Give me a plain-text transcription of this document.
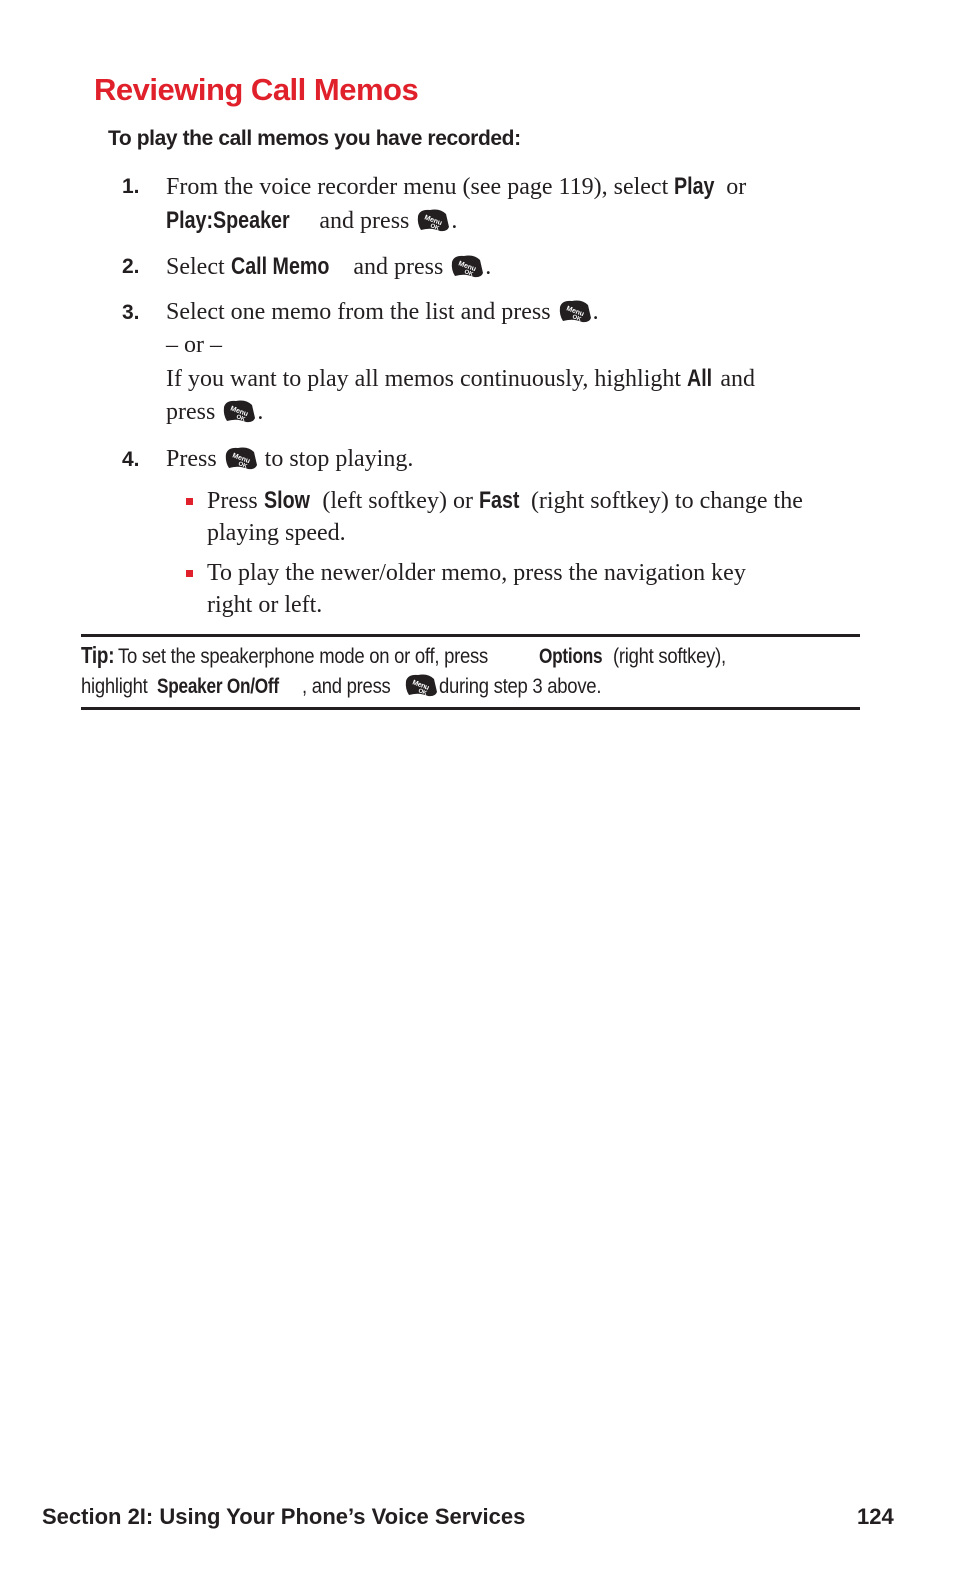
Reviewing Call Memos
To play the call memos you have recorded:
1. From the voice recorder menu (see page 119), select Play or
Play:Speaker and press .
2. Select Call Memo and press .
3. Select one memo from the list and press .
– or –
If you want to play all memos continuously, highlight All and
press .
4. Press  to stop playing.
Press Slow (left softkey) or Fast (right softkey) to change the
playing speed.
To play the newer/older memo, press the navigation key
right or left.
Tip:To set the speakerphone mode on or off, pressOptions(right softkey),
highlightSpeaker On/Off , and pressduring step 3 above.
Section 2I: Using Your Phone’s Voice Services	124
